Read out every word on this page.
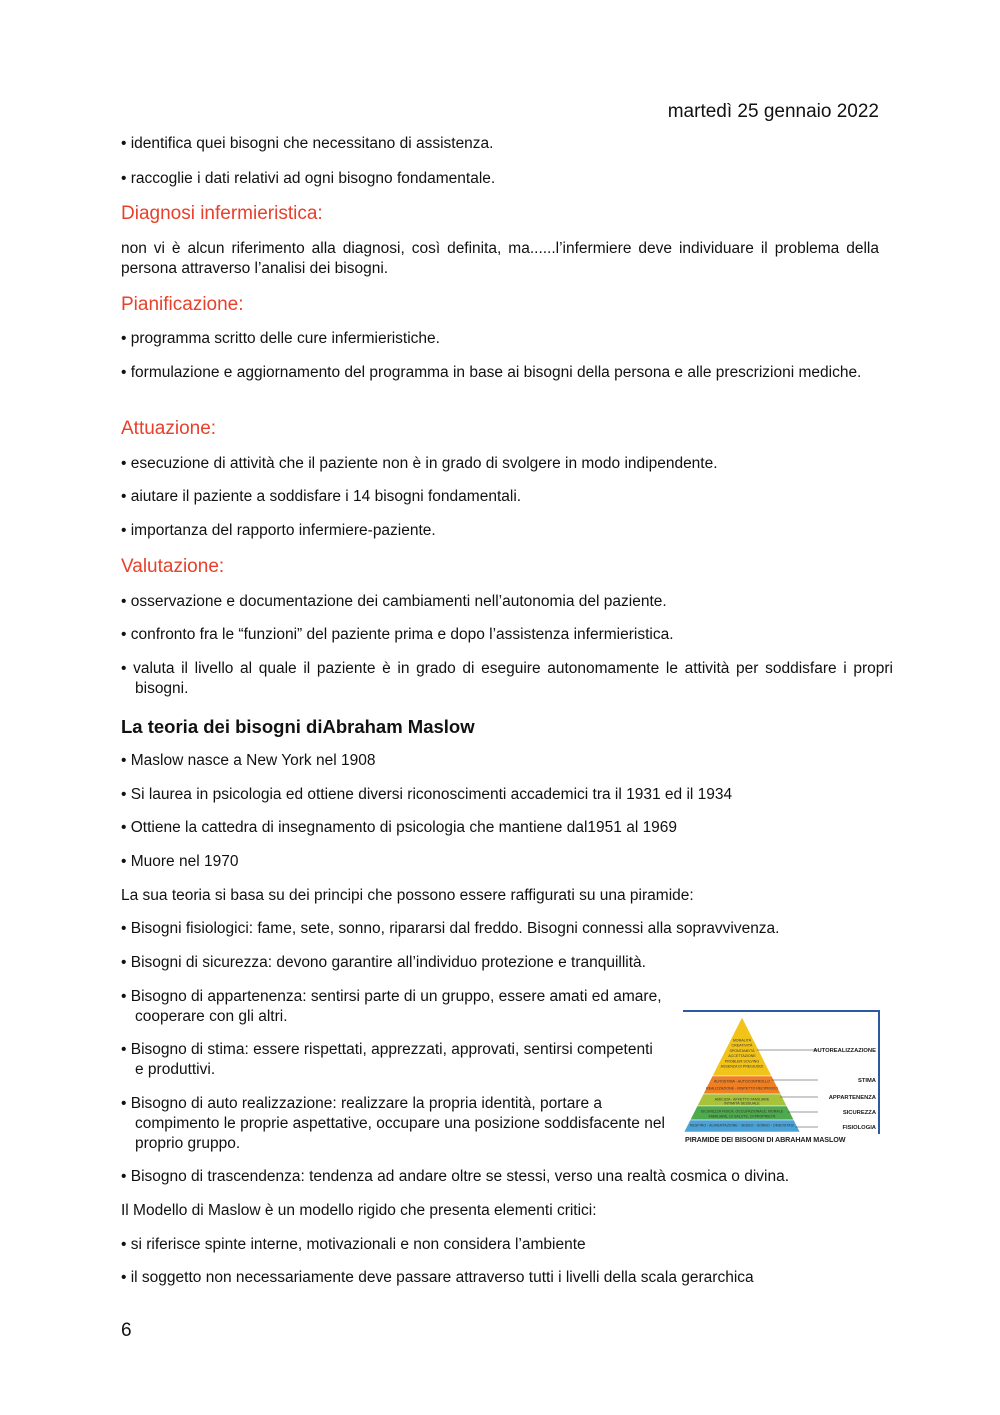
martedì 25 gennaio 2022
• identifica quei bisogni che necessitano di assistenza.
• raccoglie i dati relativi ad ogni bisogno fondamentale.
Diagnosi infermieristica:
non vi è alcun riferimento alla diagnosi, così definita, ma......l’infermiere deve individuare il problema della persona attraverso l’analisi dei bisogni.
Pianificazione:
• programma scritto delle cure infermieristiche.
• formulazione e aggiornamento del programma in base ai bisogni della persona e alle prescrizioni mediche.
Attuazione:
• esecuzione di attività che il paziente non è in grado di svolgere in modo indipendente.
• aiutare il paziente a soddisfare i 14 bisogni fondamentali.
• importanza del rapporto infermiere-paziente.
Valutazione:
• osservazione e documentazione dei cambiamenti nell’autonomia del paziente.
• confronto fra le “funzioni” del paziente prima e dopo l’assistenza infermieristica.
• valuta il livello al quale il paziente è in grado di eseguire autonomamente le attività per soddisfare i propri bisogni.
La teoria dei bisogni diAbraham Maslow
• Maslow nasce a New York nel 1908
• Si laurea in psicologia ed ottiene diversi riconoscimenti accademici tra il 1931 ed il 1934
• Ottiene la cattedra di insegnamento di psicologia che mantiene dal1951 al 1969
• Muore nel 1970
La sua teoria si basa su dei principi che possono essere raffigurati su una piramide:
• Bisogni fisiologici: fame, sete, sonno, ripararsi dal freddo. Bisogni connessi alla sopravvivenza.
• Bisogni di sicurezza: devono garantire all’individuo protezione e tranquillità.
• Bisogno di appartenenza: sentirsi parte di un gruppo, essere amati ed amare, cooperare con gli altri.
• Bisogno di stima: essere rispettati, apprezzati, approvati, sentirsi competenti e produttivi.
• Bisogno di auto realizzazione: realizzare la propria identità, portare a compimento le proprie aspettative, occupare una posizione soddisfacente nel proprio gruppo.
• Bisogno di trascendenza: tendenza ad andare oltre se stessi, verso una realtà cosmica o divina.
Il Modello di Maslow è un modello rigido che presenta elementi critici:
• si riferisce spinte interne, motivazionali e non considera l’ambiente
• il soggetto non necessariamente deve passare attraverso tutti i livelli della scala gerarchica
MORALITÀ
CREATIVITÀ
SPONTANEITÀ
ACCETTAZIONE
PROBLEM SOLVING
ASSENZA DI PREGIUDIZI
AUTOREALIZZAZIONE
AUTOSTIMA - AUTOCONTROLLO
REALIZZAZIONE - RISPETTO RECIPROCO
STIMA
AMICIZIA - AFFETTO FAMILIARE
INTIMITÀ SESSUALE
APPARTENENZA
SICUREZZA FISICA, OCCUPAZIONALE, MORALE
FAMILIARE, DI SALUTE, DI PROPRIETÀ
SICUREZZA
RESPIRO - ALIMENTAZIONE - SESSO - SONNO - OMEOSTASI	FISIOLOGIA
PIRAMIDE DEI BISOGNI DI ABRAHAM MASLOW
6
